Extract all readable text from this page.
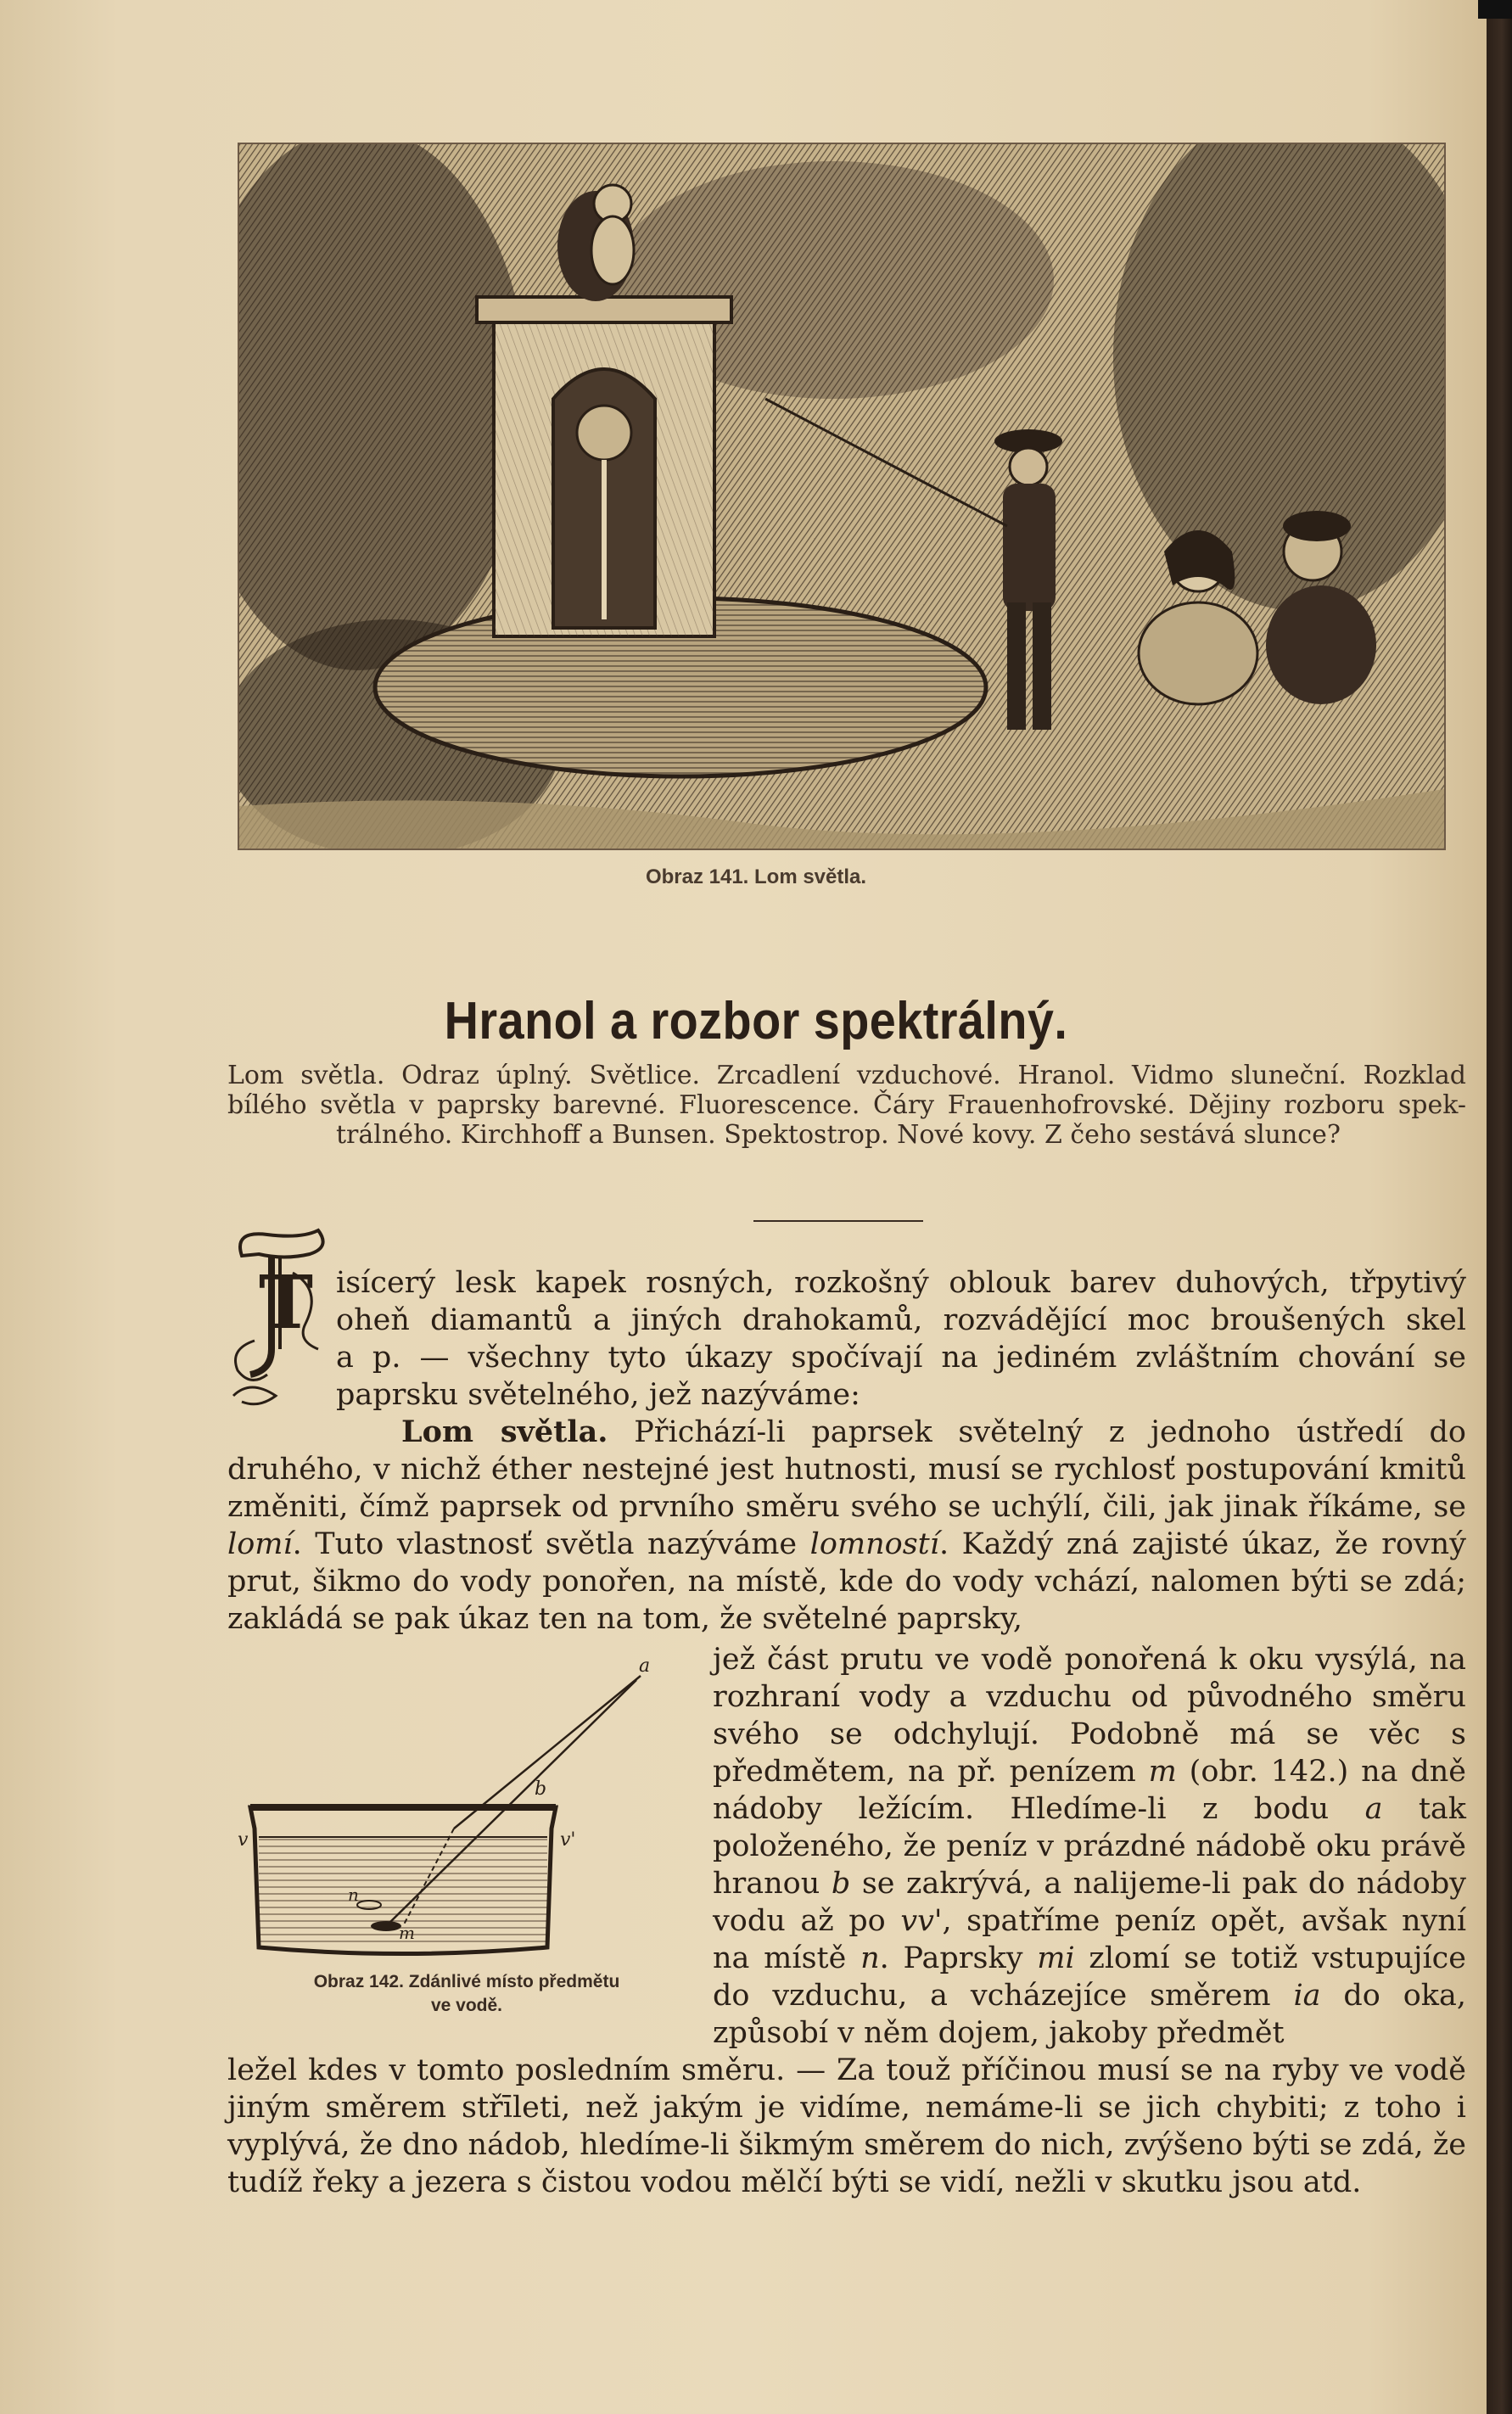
Obraz 141. Lom světla.
Hranol a rozbor spektrálný.
Lom světla. Odraz úplný. Světlice. Zrcadlení vzduchové. Hranol. Vidmo sluneční. Rozklad
bílého světla v paprsky barevné. Fluorescence. Čáry Frauenhofrovské. Dějiny rozboru spek-
trálného. Kirchhoff a Bunsen. Spektostrop. Nové kovy. Z čeho sestává slunce?
T isícerý lesk kapek rosných, rozkošný oblouk barev duhových, třpytivý
oheň diamantů a jiných drahokamů, rozvádějící moc broušených skel
a p. — všechny tyto úkazy spočívají na jediném zvláštním chování se
paprsku světelného, jež nazýváme:
Lom světla. Přichází-li paprsek světelný z jednoho ústředí do druhého, v nichž éther nestejné jest hutnosti, musí se rychlosť postupování kmitů změniti, čímž paprsek od prvního směru svého se uchýlí, čili, jak jinak říkáme, se lomí. Tuto vlastnosť světla nazýváme lomností. Každý zná zajisté úkaz, že rovný prut, šikmo do vody ponořen, na místě, kde do vody vchází, nalomen býti se zdá; zakládá se pak úkaz ten na tom, že světelné paprsky,
a
b
v	v'
n
m
Obraz 142. Zdánlivé místo předmětu
ve vodě.
jež část prutu ve vodě ponořená k oku vysýlá, na rozhraní vody a vzduchu od původného směru svého se odchylují. Podobně má se věc s předmětem, na př. penízem m (obr. 142.) na dně nádoby ležícím. Hledíme-li z bodu a tak položeného, že peníz v prázdné nádobě oku právě hranou b se zakrývá, a nalijeme-li pak do nádoby vodu až po vv', spatříme peníz opět, avšak nyní na místě n. Paprsky mi zlomí se totiž vstupujíce do vzduchu, a vcházejíce směrem ia do oka, způsobí v něm dojem, jakoby předmět
ležel kdes v tomto posledním směru. — Za touž příčinou musí se na ryby ve vodě jiným směrem střīleti, než jakým je vidíme, nemáme-li se jich chybiti; z toho i vyplývá, že dno nádob, hledíme-li šikmým směrem do nich, zvýšeno býti se zdá, že tudíž řeky a jezera s čistou vodou mělčí býti se vidí, nežli v skutku jsou atd.
